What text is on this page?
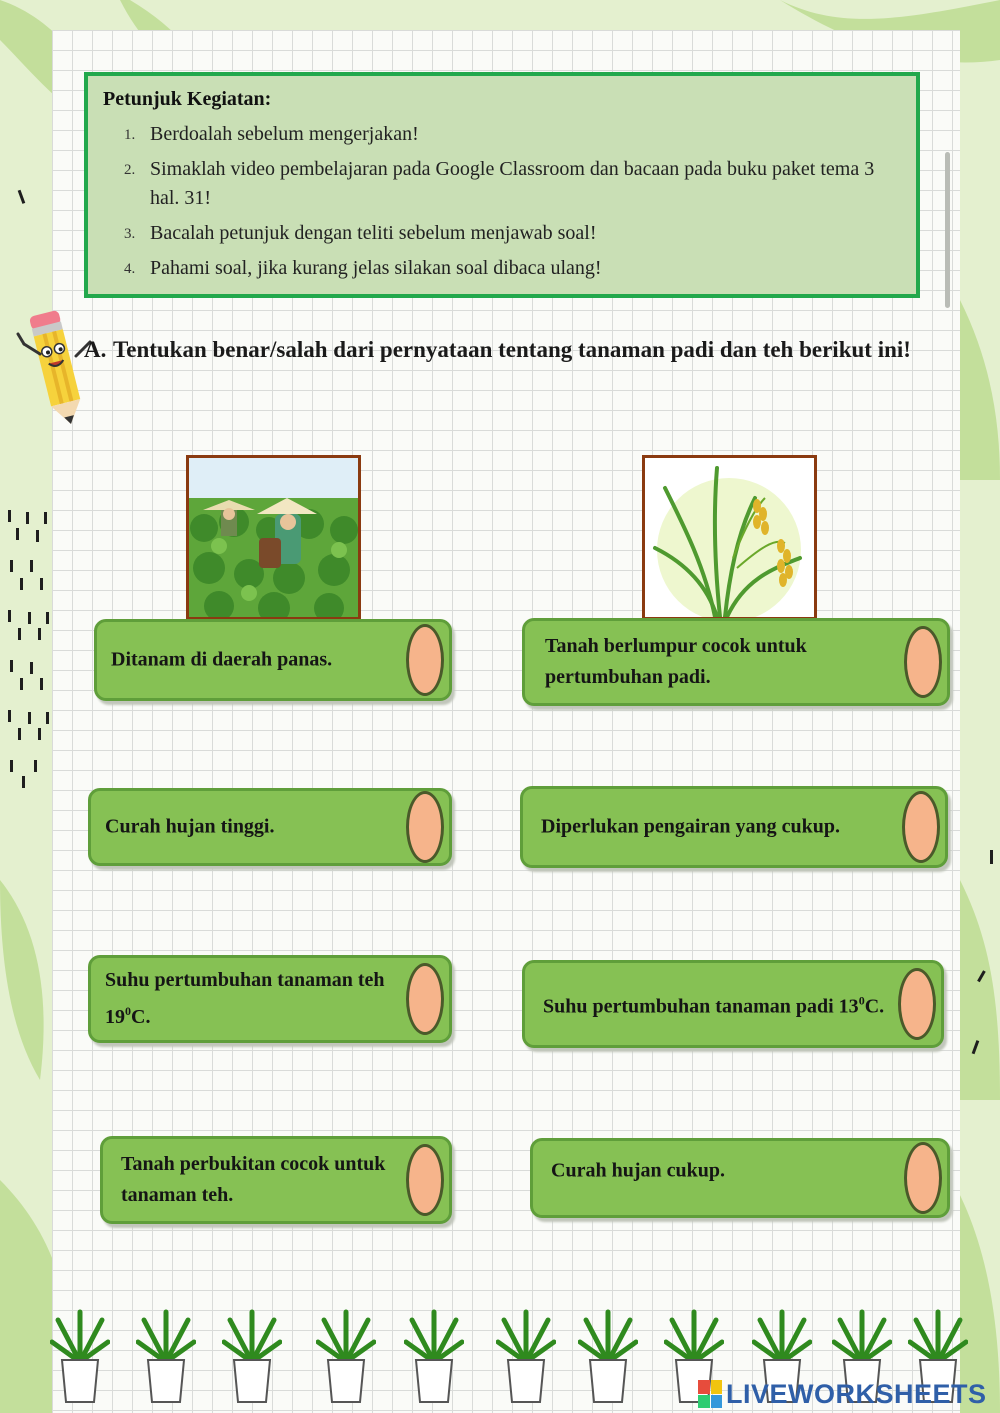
Petunjuk Kegiatan:
1. Berdoalah sebelum mengerjakan!
2. Simaklah video pembelajaran pada Google Classroom dan bacaan pada buku paket tema 3 hal. 31!
3. Bacalah petunjuk dengan teliti sebelum menjawab soal!
4. Pahami soal, jika kurang jelas silakan soal dibaca ulang!
A. Tentukan benar/salah dari pernyataan tentang tanaman padi dan teh berikut ini!
Ditanam di daerah panas.
Curah hujan tinggi.
Suhu pertumbuhan tanaman teh $19^0C$.
Tanah perbukitan cocok untuk tanaman teh.
Tanah berlumpur cocok untuk pertumbuhan padi.
Diperlukan pengairan yang cukup.
Suhu pertumbuhan tanaman padi $13^0C$.
Curah hujan cukup.
LIVEWORKSHEETS
